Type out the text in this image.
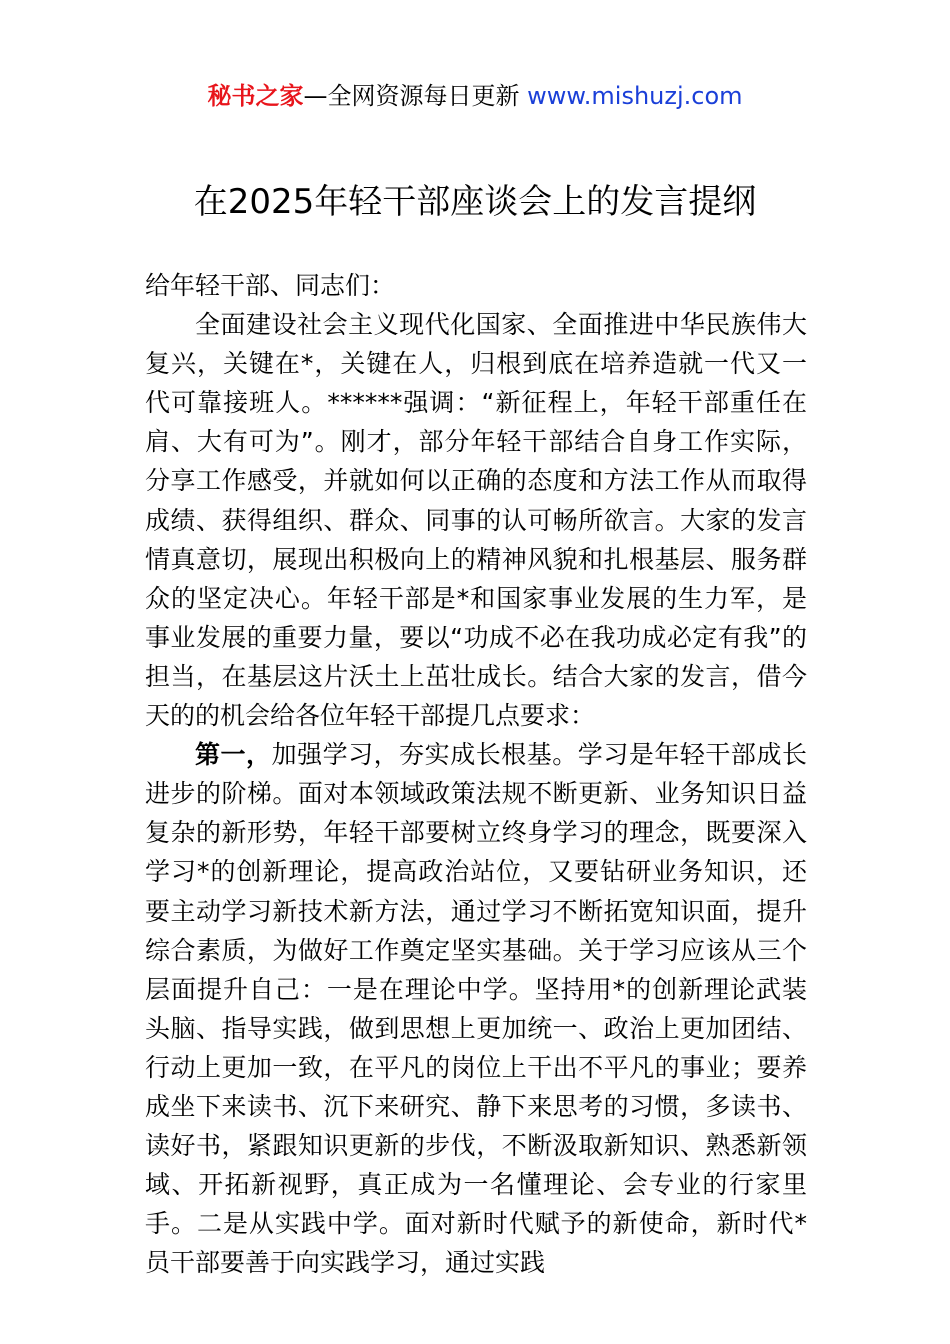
秘书之家—全网资源每日更新 www.mishuzj.com
在2025年轻干部座谈会上的发言提纲

给年轻干部、同志们：

全面建设社会主义现代化国家、全面推进中华民族伟大复兴，关键在*，关键在人，归根到底在培养造就一代又一代可靠接班人。******强调：“新征程上，年轻干部重任在肩、大有可为”。刚才，部分年轻干部结合自身工作实际，分享工作感受，并就如何以正确的态度和方法工作从而取得成绩、获得组织、群众、同事的认可畅所欲言。大家的发言情真意切，展现出积极向上的精神风貌和扎根基层、服务群众的坚定决心。年轻干部是*和国家事业发展的生力军，是事业发展的重要力量，要以“功成不必在我功成必定有我”的担当，在基层这片沃土上茁壮成长。结合大家的发言，借今天的的机会给各位年轻干部提几点要求：

第一，加强学习，夯实成长根基。学习是年轻干部成长进步的阶梯。面对本领域政策法规不断更新、业务知识日益复杂的新形势，年轻干部要树立终身学习的理念，既要深入学习*的创新理论，提高政治站位，又要钻研业务知识，还要主动学习新技术新方法，通过学习不断拓宽知识面，提升综合素质，为做好工作奠定坚实基础。关于学习应该从三个层面提升自己：一是在理论中学。坚持用*的创新理论武装头脑、指导实践，做到思想上更加统一、政治上更加团结、行动上更加一致，在平凡的岗位上干出不平凡的事业；要养成坐下来读书、沉下来研究、静下来思考的习惯，多读书、读好书，紧跟知识更新的步伐，不断汲取新知识、熟悉新领域、开拓新视野，真正成为一名懂理论、会专业的行家里手。二是从实践中学。面对新时代赋予的新使命，新时代*员干部要善于向实践学习，通过实践
